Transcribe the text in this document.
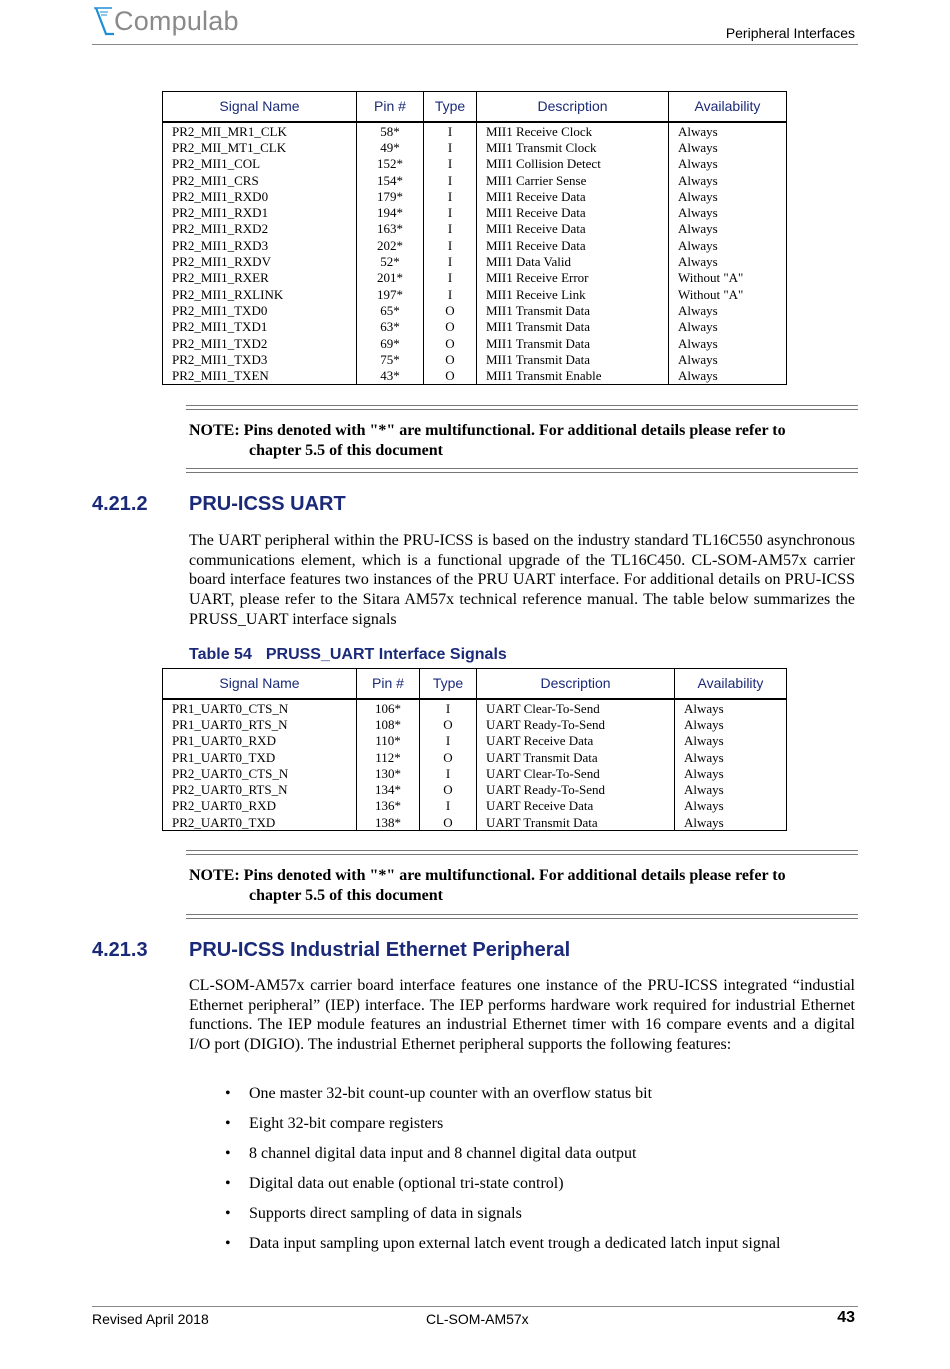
Compulab	Peripheral Interfaces
Signal Name	Pin #	Type	Description	Availability
PR2_MII_MR1_CLK	58*	I	MII1 Receive Clock	Always
PR2_MII_MT1_CLK	49*	I	MII1 Transmit Clock	Always
PR2_MII1_COL	152*	I	MII1 Collision Detect	Always
PR2_MII1_CRS	154*	I	MII1 Carrier Sense	Always
PR2_MII1_RXD0	179*	I	MII1 Receive Data	Always
PR2_MII1_RXD1	194*	I	MII1 Receive Data	Always
PR2_MII1_RXD2	163*	I	MII1 Receive Data	Always
PR2_MII1_RXD3	202*	I	MII1 Receive Data	Always
PR2_MII1_RXDV	52*	I	MII1 Data Valid	Always
PR2_MII1_RXER	201*	I	MII1 Receive Error	Without "A"
PR2_MII1_RXLINK	197*	I	MII1 Receive Link	Without "A"
PR2_MII1_TXD0	65*	O	MII1 Transmit Data	Always
PR2_MII1_TXD1	63*	O	MII1 Transmit Data	Always
PR2_MII1_TXD2	69*	O	MII1 Transmit Data	Always
PR2_MII1_TXD3	75*	O	MII1 Transmit Data	Always
PR2_MII1_TXEN	43*	O	MII1 Transmit Enable	Always
NOTE: Pins denoted with "*" are multifunctional. For additional details please refer to
chapter 5.5 of this document
4.21.2 PRU-ICSS UART
The UART peripheral within the PRU-ICSS is based on the industry standard TL16C550 asynchronous communications element, which is a functional upgrade of the TL16C450. CL-SOM-AM57x carrier board interface features two instances of the PRU UART interface. For additional details on PRU-ICSS UART, please refer to the Sitara AM57x technical reference manual. The table below summarizes the PRUSS_UART interface signals
Table 54 PRUSS_UART Interface Signals
Signal Name	Pin #	Type	Description	Availability
PR1_UART0_CTS_N	106*	I	UART Clear-To-Send	Always
PR1_UART0_RTS_N	108*	O	UART Ready-To-Send	Always
PR1_UART0_RXD	110*	I	UART Receive Data	Always
PR1_UART0_TXD	112*	O	UART Transmit Data	Always
PR2_UART0_CTS_N	130*	I	UART Clear-To-Send	Always
PR2_UART0_RTS_N	134*	O	UART Ready-To-Send	Always
PR2_UART0_RXD	136*	I	UART Receive Data	Always
PR2_UART0_TXD	138*	O	UART Transmit Data	Always
NOTE: Pins denoted with "*" are multifunctional. For additional details please refer to
chapter 5.5 of this document
4.21.3 PRU-ICSS Industrial Ethernet Peripheral
CL-SOM-AM57x carrier board interface features one instance of the PRU-ICSS integrated “industial Ethernet peripheral” (IEP) interface. The IEP performs hardware work required for industrial Ethernet functions. The IEP module features an industrial Ethernet timer with 16 compare events and a digital I/O port (DIGIO). The industrial Ethernet peripheral supports the following features:
• One master 32-bit count-up counter with an overflow status bit
• Eight 32-bit compare registers
• 8 channel digital data input and 8 channel digital data output
• Digital data out enable (optional tri-state control)
• Supports direct sampling of data in signals
• Data input sampling upon external latch event trough a dedicated latch input signal
Revised April 2018	CL-SOM-AM57x	43
